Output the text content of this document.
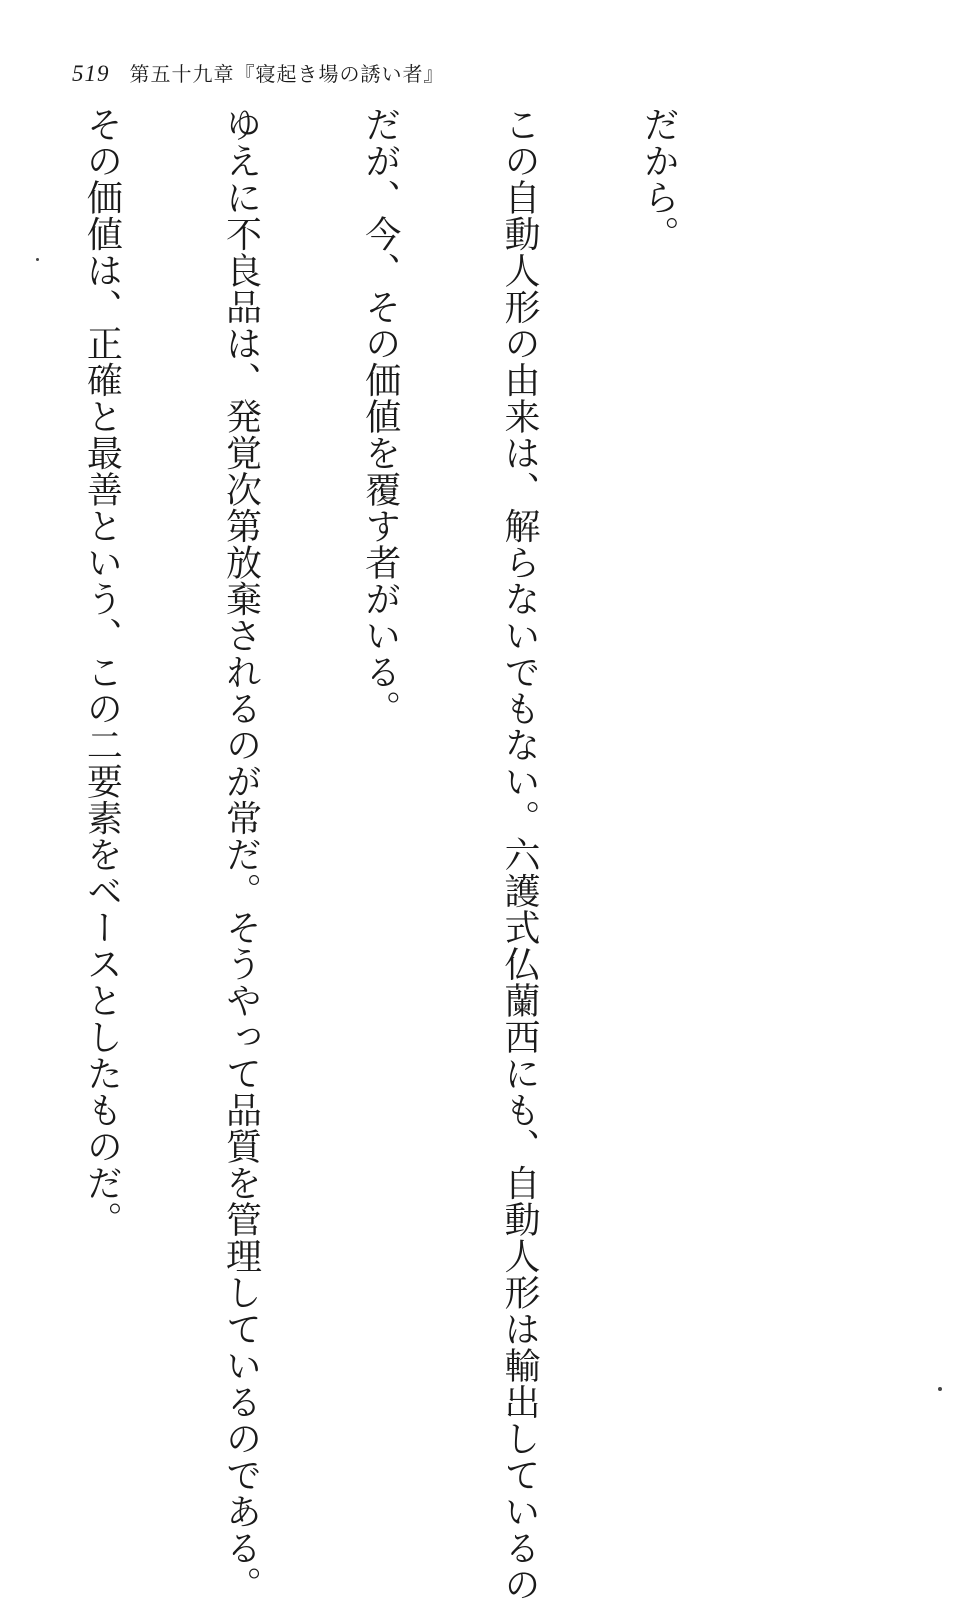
519 第五十九章『寝起き場の誘い者』

だから。

この自動人形の由来は、解らないでもない。六護式仏蘭西にも、自動人形は輸出しているの

だが、今、その価値を覆す者がいる。

ゆえに不良品は、発覚次第放棄されるのが常だ。そうやって品質を管理しているのである。

その価値は、正確と最善という、この二要素をベースとしたものだ。
